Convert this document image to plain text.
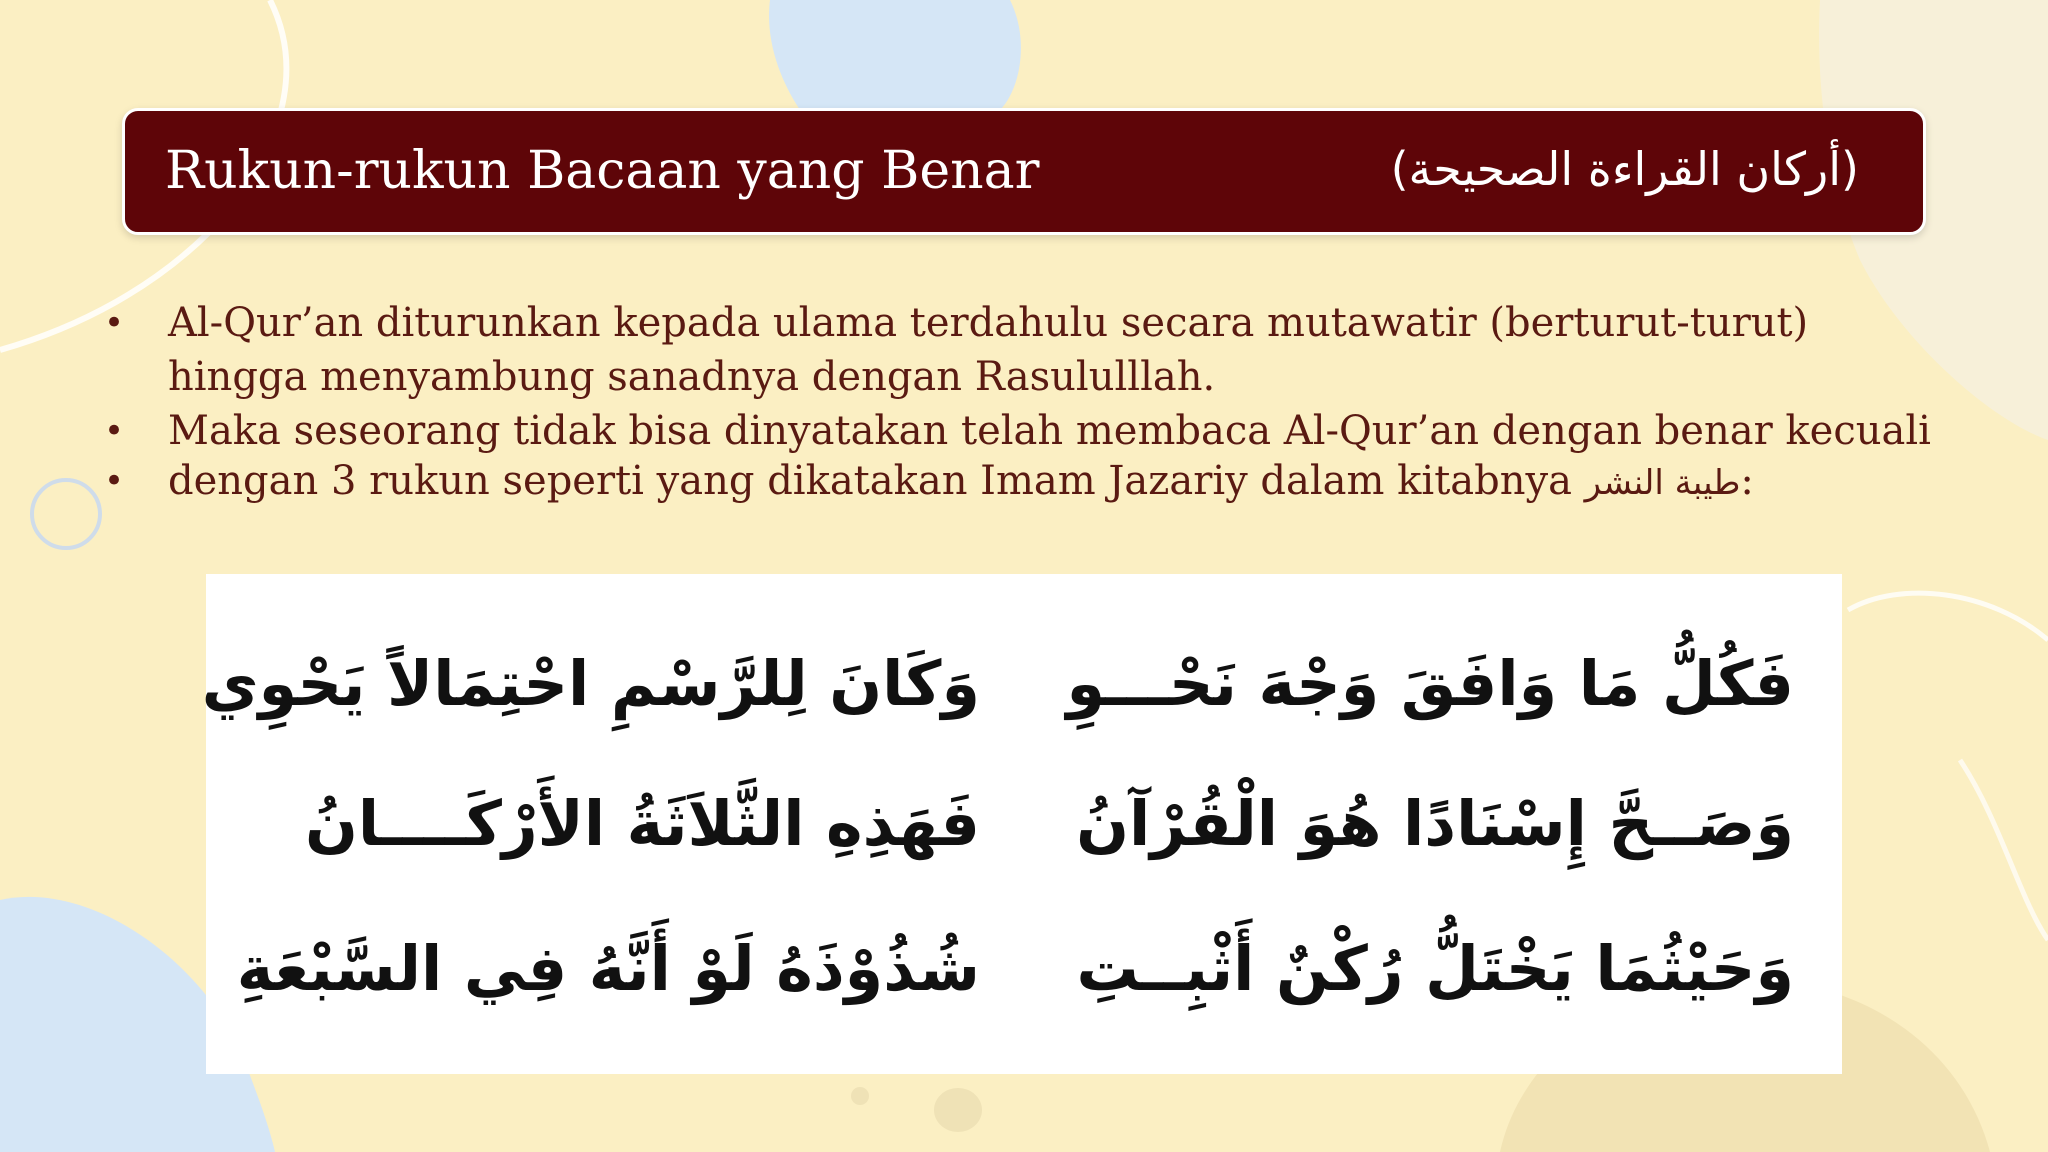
Rukun-rukun Bacaan yang Benar	(أركان القراءة الصحيحة)
• Al-Qur’an diturunkan kepada ulama terdahulu secara mutawatir (berturut-turut) hingga menyambung sanadnya dengan Rasululllah.
• Maka seseorang tidak bisa dinyatakan telah membaca Al-Qur’an dengan benar kecuali
• dengan 3 rukun seperti yang dikatakan Imam Jazariy dalam kitabnya طيبة النشر:
فَكُلُّ مَا وَافَقَ وَجْهَ نَحْـــوِ
وَكَانَ لِلرَّسْمِ احْتِمَالاً يَحْوِي
وَصَــحَّ إِسْنَادًا هُوَ الْقُرْآنُ
فَهَذِهِ الثَّلاَثَةُ الأَرْكَــــانُ
وَحَيْثُمَا يَخْتَلُّ رُكْنٌ أَثْبِــتِ
شُذُوْذَهُ لَوْ أَنَّهُ فِي السَّبْعَةِ
